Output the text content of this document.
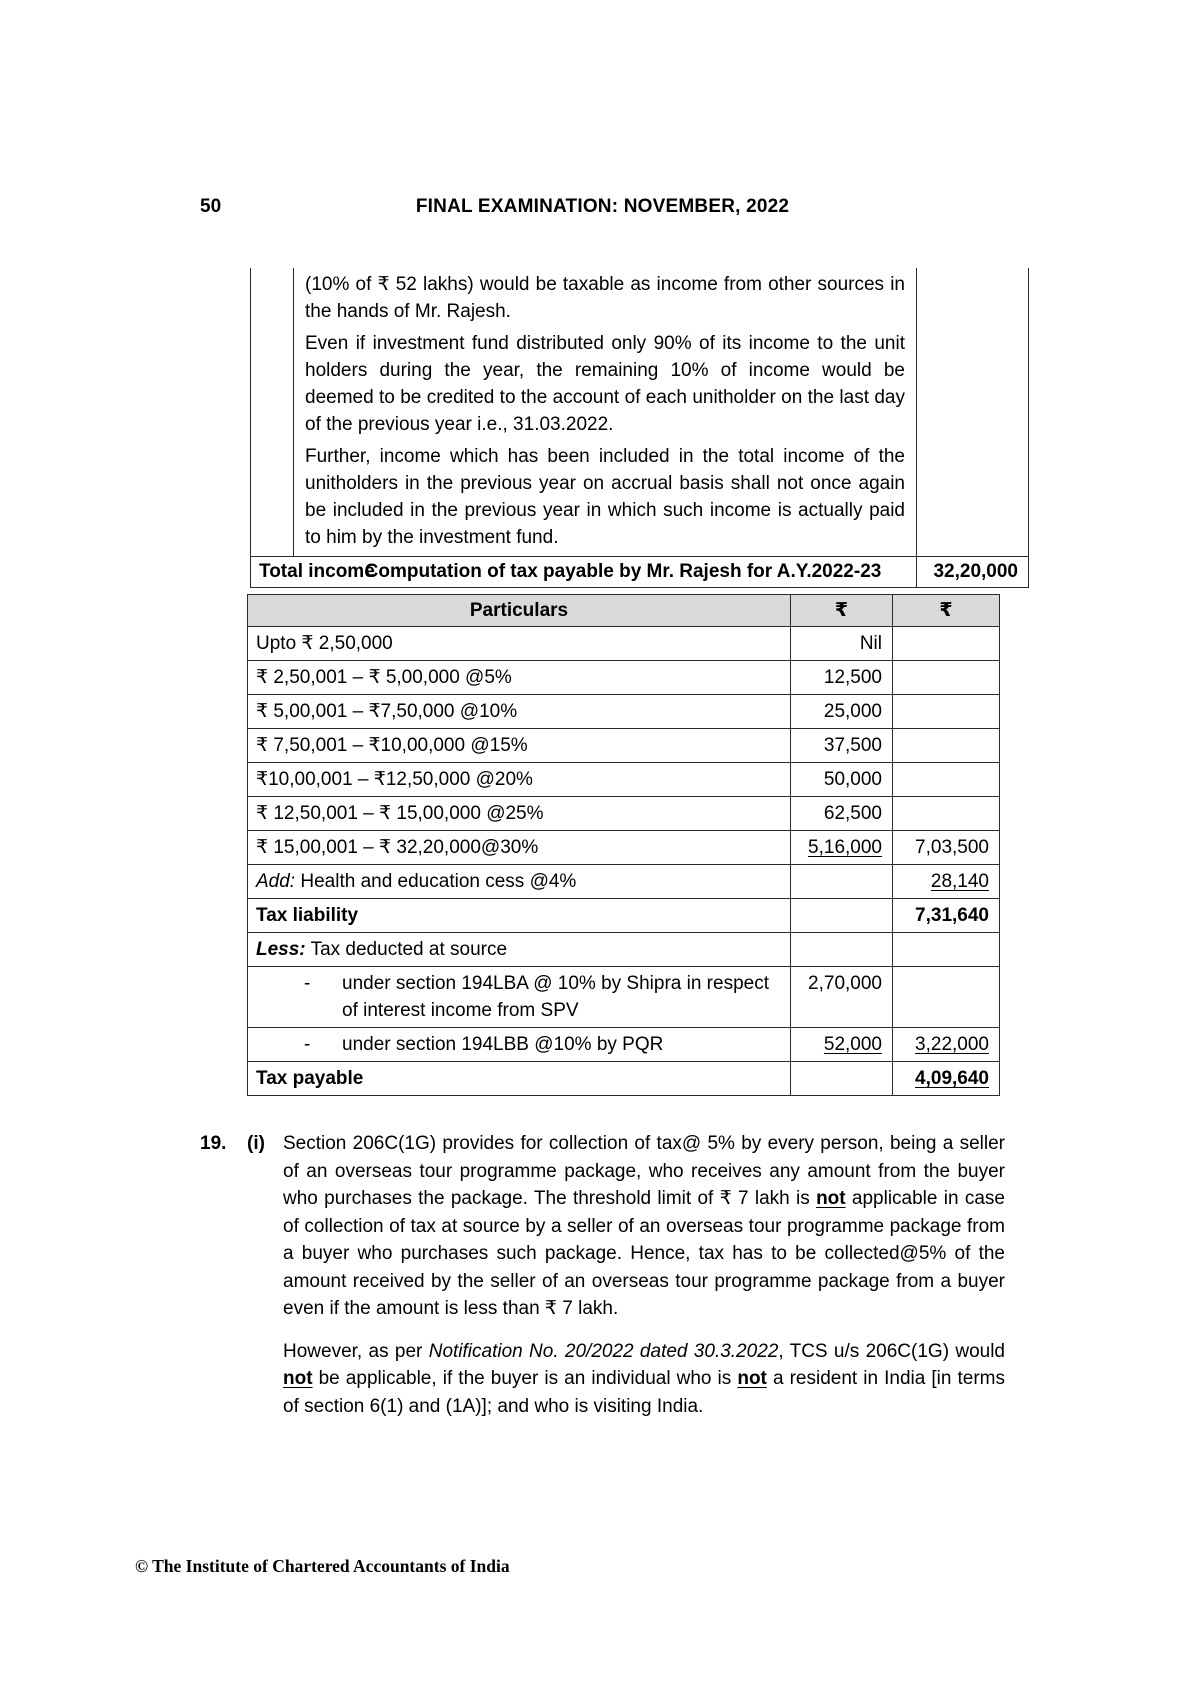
50	FINAL EXAMINATION: NOVEMBER, 2022

	(10% of ₹ 52 lakhs) would be taxable as income from other sources in the hands of Mr. Rajesh.

Even if investment fund distributed only 90% of its income to the unit holders during the year, the remaining 10% of income would be deemed to be credited to the account of each unitholder on the last day of the previous year i.e., 31.03.2022.

Further, income which has been included in the total income of the unitholders in the previous year on accrual basis shall not once again be included in the previous year in which such income is actually paid to him by the investment fund.	

Total income		32,20,000
Computation of tax payable by Mr. Rajesh for A.Y.2022-23
Particulars	₹	₹
Upto ₹ 2,50,000	Nil	
₹ 2,50,001 – ₹ 5,00,000 @5%	12,500	
₹ 5,00,001 – ₹7,50,000 @10%	25,000	
₹ 7,50,001 – ₹10,00,000 @15%	37,500	
₹10,00,001 – ₹12,50,000 @20%	50,000	
₹ 12,50,001 – ₹ 15,00,000 @25%	62,500	
₹ 15,00,001 – ₹ 32,20,000@30%	5,16,000	7,03,500
Add: Health and education cess @4%		28,140
Tax liability		7,31,640
Less: Tax deducted at source		

- under section 194LBA @ 10% by Shipra in respect of interest income from SPV	2,70,000	

- under section 194LBB @10% by PQR	52,000	3,22,000
Tax payable		4,09,640
19. (i) Section 206C(1G) provides for collection of tax@ 5% by every person, being a seller of an overseas tour programme package, who receives any amount from the buyer who purchases the package. The threshold limit of ₹ 7 lakh is not applicable in case of collection of tax at source by a seller of an overseas tour programme package from a buyer who purchases such package. Hence, tax has to be collected@5% of the amount received by the seller of an overseas tour programme package from a buyer even if the amount is less than ₹ 7 lakh.

However, as per Notification No. 20/2022 dated 30.3.2022, TCS u/s 206C(1G) would not be applicable, if the buyer is an individual who is not a resident in India [in terms of section 6(1) and (1A)]; and who is visiting India.

© The Institute of Chartered Accountants of India
